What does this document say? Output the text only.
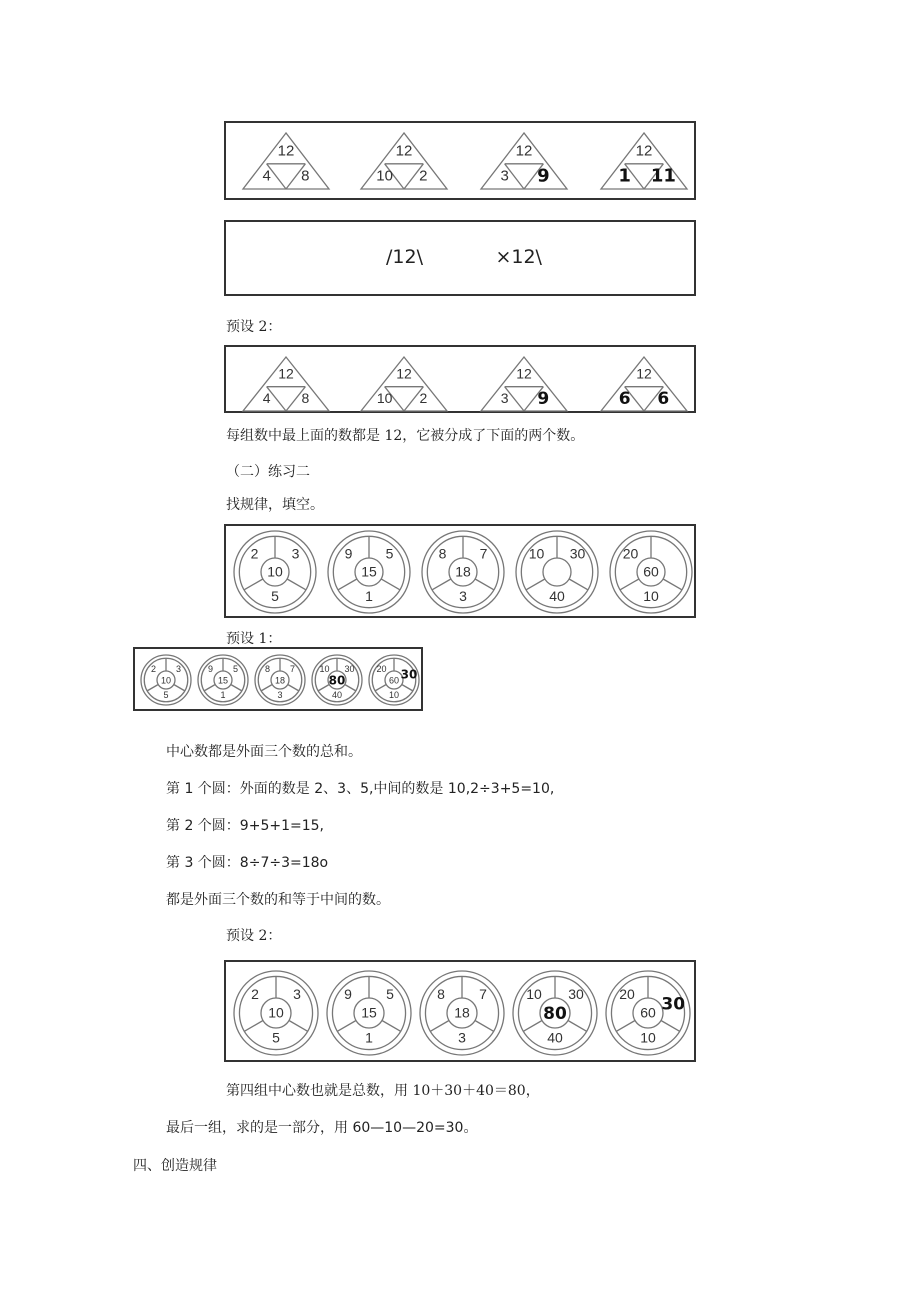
12
4 8
12
10 2
12
3 9
12
1 11
/12\            ×12\
预设 2：
12
4 8
12
10 2
12
3 9
12
6 6
每组数中最上面的数都是 12，它被分成了下面的两个数。
（二）练习二
找规律，填空。
2 3
10
5
9 5
15
1
8 7
18
3
10 30
40
20
60
10
预设 1：
2 3
10
5
9 5
15
1
8 7
18
3
10 30
80
40
20 30
60
10
中心数都是外面三个数的总和。
第 1 个圆：外面的数是 2、3、5,中间的数是 10,2÷3+5=10,
第 2 个圆：9+5+1=15,
第 3 个圆：8÷7÷3=18o
都是外面三个数的和等于中间的数。
预设 2：
2 3
10
5
9 5
15
1
8 7
18
3
10 30
80
40
20
30
60
10
第四组中心数也就是总数，用 10＋30＋40＝80，
最后一组，求的是一部分，用 60—10—20=30。
四、创造规律
